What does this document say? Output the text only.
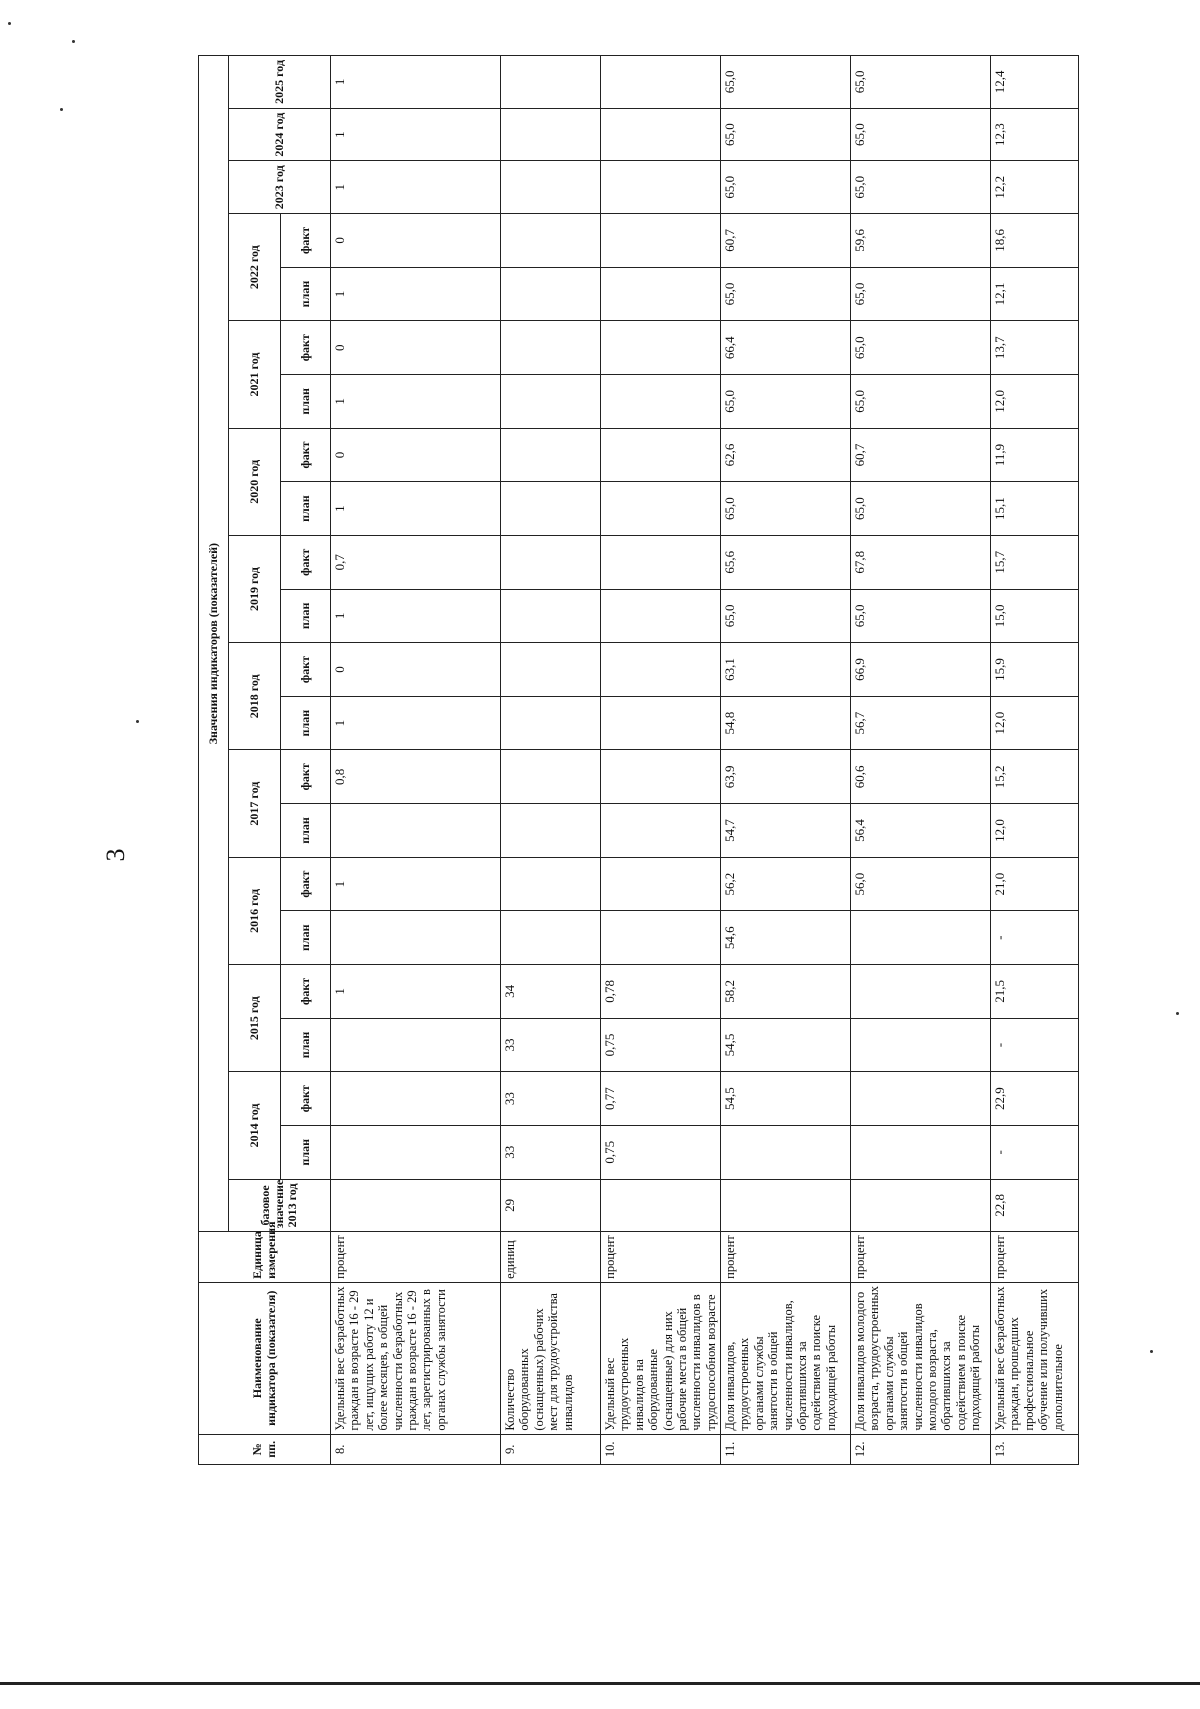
3
№ пп.	Наименование индикатора (показателя)	Единица измерения	Значения индикаторов (показателей)																					
			базовое значение 2013 год	2014 год		2015 год		2016 год		2017 год		2018 год		2019 год		2020 год		2021 год		2022 год		2023 год	2024 год	2025 год
				план	факт	план	факт	план	факт	план	факт	план	факт	план	факт	план	факт	план	факт	план	факт			
8.	Удельный вес безработных граждан в возрасте 16 - 29 лет, ищущих работу 12 и более месяцев, в общей численности безработных граждан в возрасте 16 - 29 лет, зарегистрированных в органах службы занятости	процент					1		1		0,8	1	0	1	0,7	1	0	1	0	1	0	1	1	1
9.	Количество оборудованных (оснащенных) рабочих мест для трудоустройства инвалидов	единиц	29	33	33	33	34																	
10.	Удельный вес трудоустроенных инвалидов на оборудованные (оснащенные) для них рабочие места в общей численности инвалидов в трудоспособном возрасте	процент		0,75	0,77	0,75	0,78																	
11.	Доля инвалидов, трудоустроенных органами службы занятости в общей численности инвалидов, обратившихся за содействием в поиске подходящей работы	процент			54,5	54,5	58,2	54,6	56,2	54,7	63,9	54,8	63,1	65,0	65,6	65,0	62,6	65,0	66,4	65,0	60,7	65,0	65,0	65,0
12.	Доля инвалидов молодого возраста, трудоустроенных органами службы занятости в общей численности инвалидов молодого возраста, обратившихся за содействием в поиске подходящей работы	процент							56,0	56,4	60,6	56,7	66,9	65,0	67,8	65,0	60,7	65,0	65,0	65,0	59,6	65,0	65,0	65,0
13.	Удельный вес безработных граждан, прошедших профессиональное обучение или получивших дополнительное	процент	22,8	-	22,9	-	21,5	-	21,0	12,0	15,2	12,0	15,9	15,0	15,7	15,1	11,9	12,0	13,7	12,1	18,6	12,2	12,3	12,4
